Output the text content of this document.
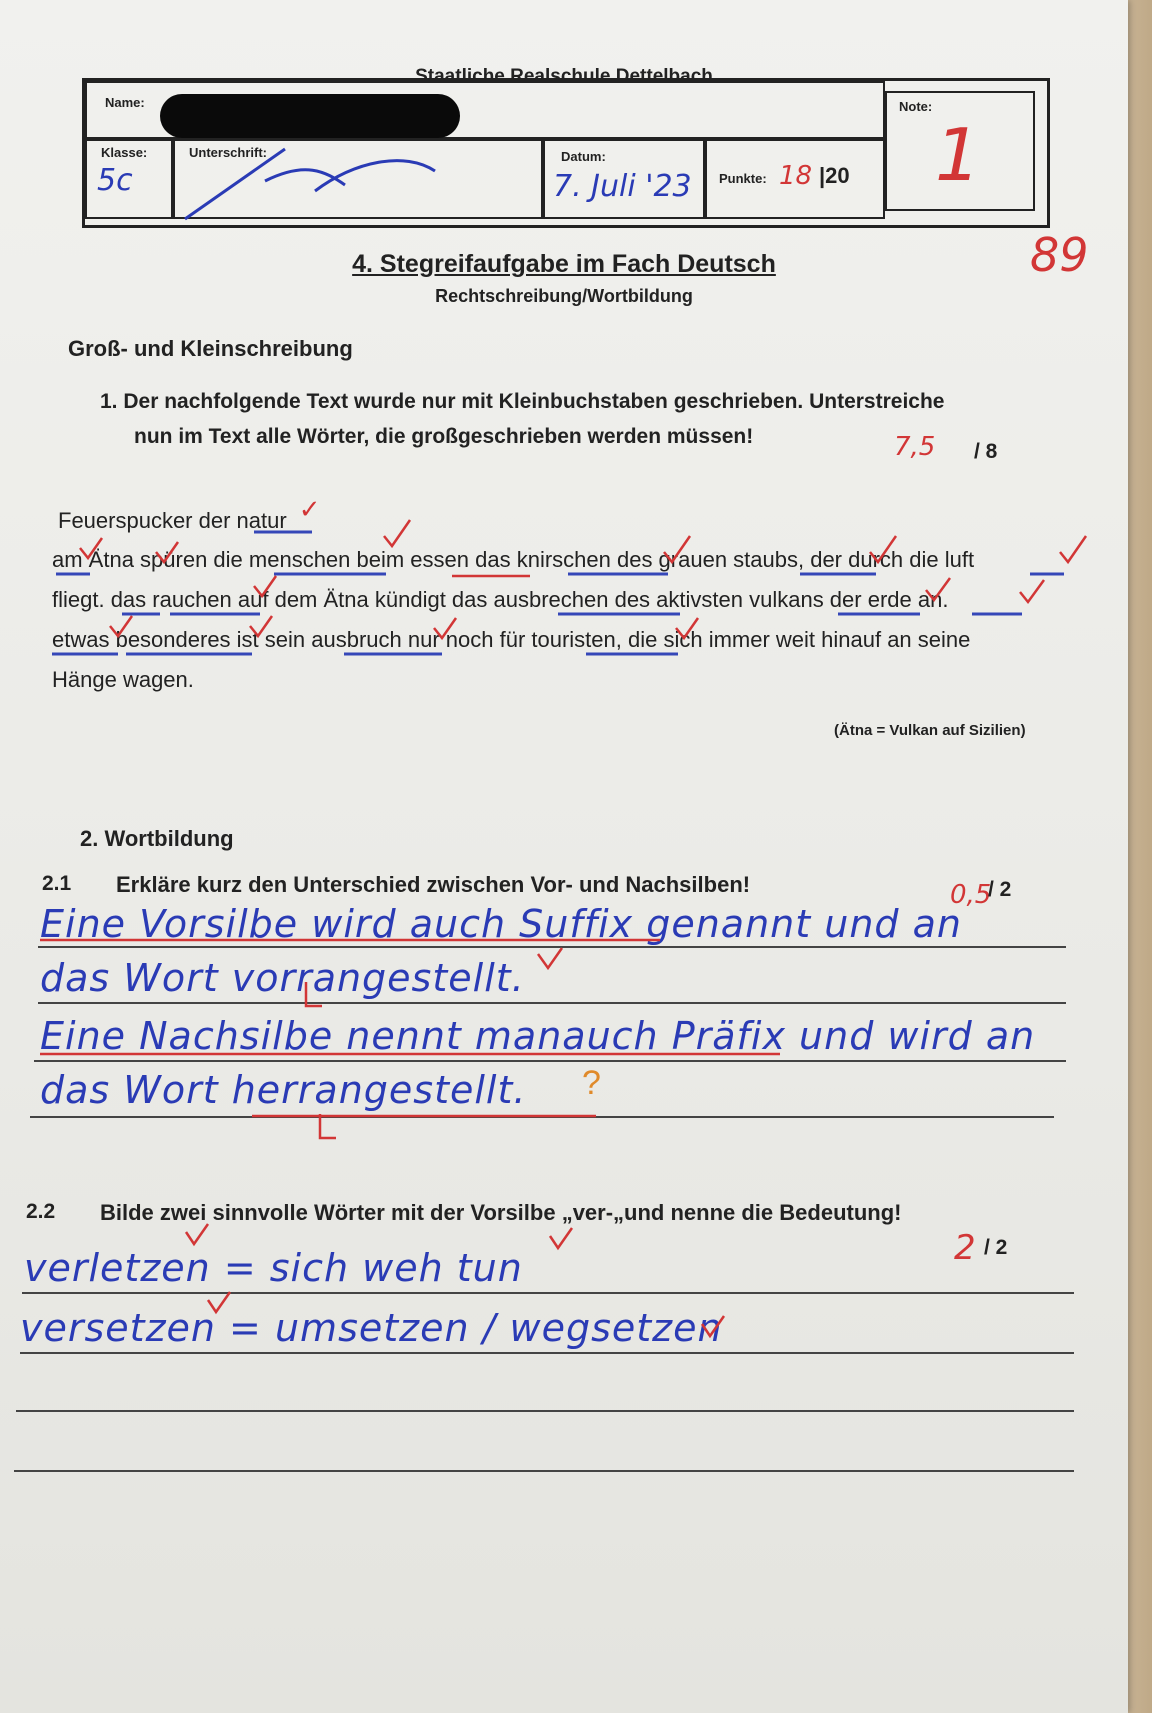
Staatliche Realschule Dettelbach
Name:
Klasse:
5c
Unterschrift:	Datum:
7. Juli '23 Punkte: 18 |20
Note:
1
89
4. Stegreifaufgabe im Fach Deutsch
Rechtschreibung/Wortbildung
Groß- und Kleinschreibung
1. Der nachfolgende Text wurde nur mit Kleinbuchstaben geschrieben. Unterstreiche
nun im Text alle Wörter, die großgeschrieben werden müssen!	7,5 / 8
Feuerspucker der natur ✓

am Ätna spüren die menschen beim essen das knirschen des grauen staubs, der durch die luft

fliegt. das rauchen auf dem Ätna kündigt das ausbrechen des aktivsten vulkans der erde an.

etwas besonderes ist sein ausbruch nur noch für touristen, die sich immer weit hinauf an seine

Hänge wagen.

(Ätna = Vulkan auf Sizilien)
2. Wortbildung
2.1 Erkläre kurz den Unterschied zwischen Vor- und Nachsilben!	0,5
/ 2
Eine Vorsilbe wird auch Suffix genannt und an
das Wort vorrangestellt.
Eine Nachsilbe nennt manauch Präfix und wird an
das Wort herrangestellt. ?
2.2 Bilde zwei sinnvolle Wörter mit der Vorsilbe „ver-„und nenne die Bedeutung!
2 / 2
verletzen = sich weh tun
versetzen = umsetzen / wegsetzen
